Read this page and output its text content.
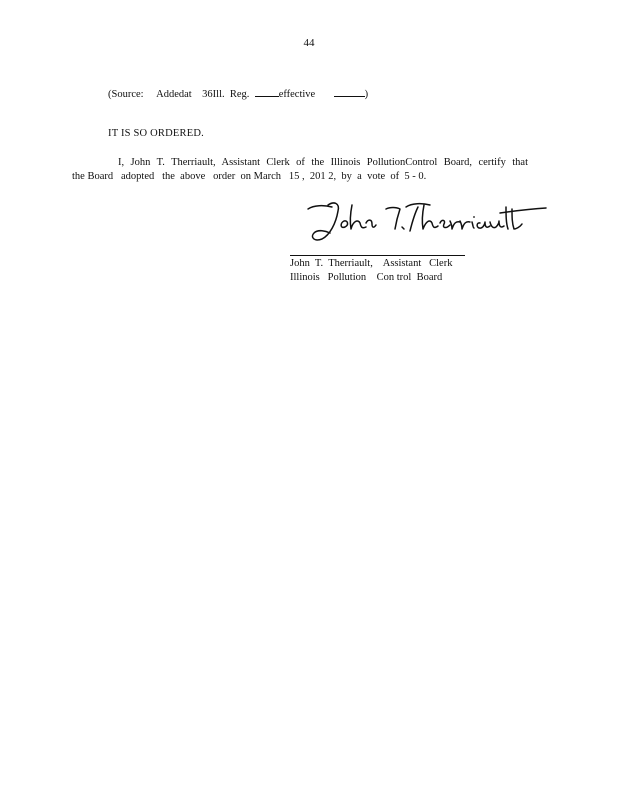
44
(Source:     Addedat    36Ill.  Reg.  effective	)
IT IS SO ORDERED.
I, John T. Therriault, Assistant Clerk of the Illinois PollutionControl Board, certify that
the Board   adopted   the  above   order  on March   15 ,  201 2,  by  a  vote  of  5 - 0.
John  T.  Therriault,    Assistant   Clerk
Illinois   Pollution    Con trol  Board
